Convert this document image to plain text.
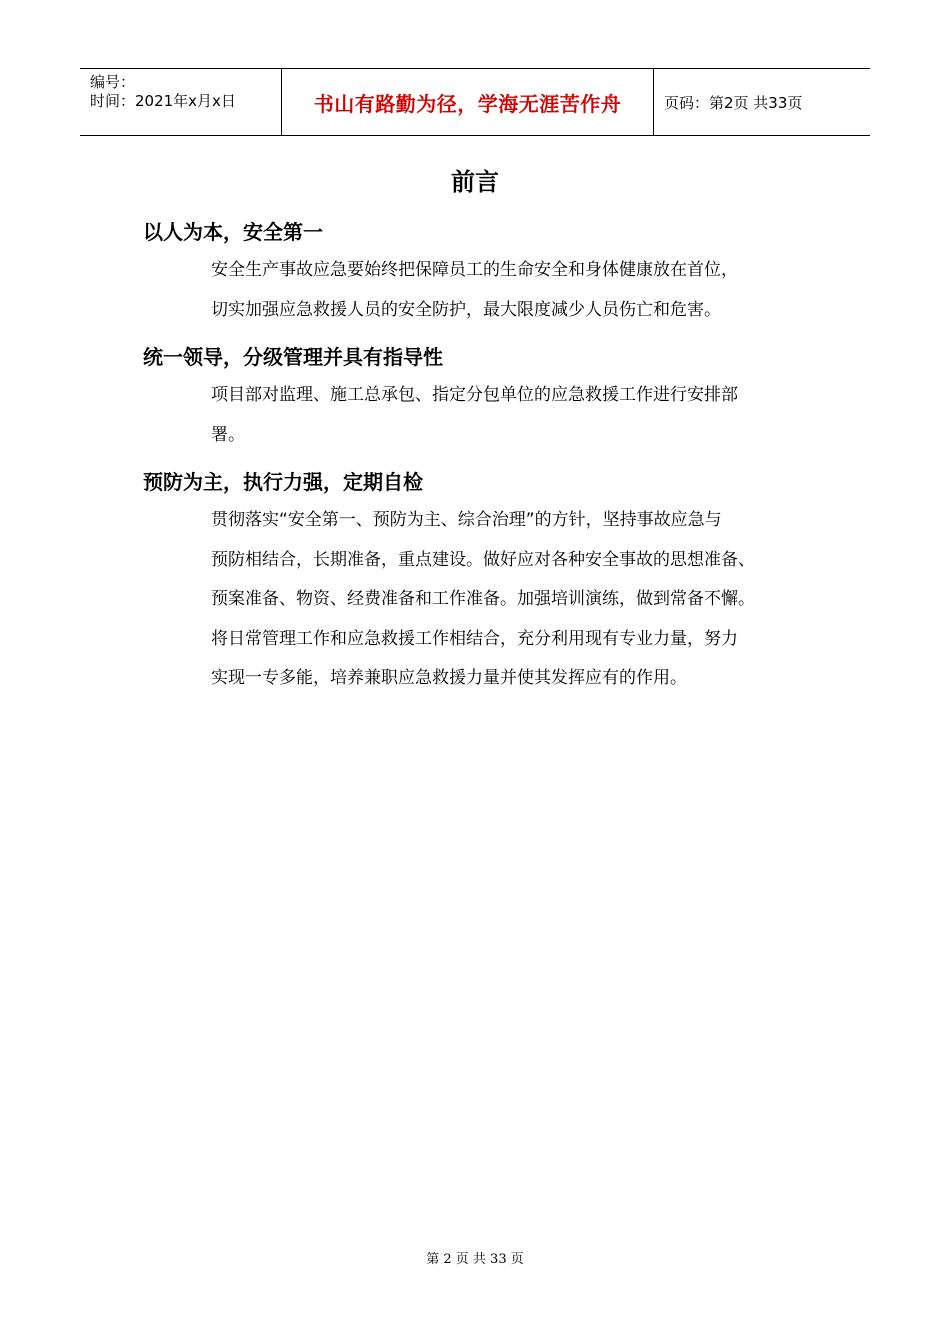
编号：
时间：2021年x月x日	书山有路勤为径，学海无涯苦作舟	页码：第2页 共33页
前言
以人为本，安全第一
安全生产事故应急要始终把保障员工的生命安全和身体健康放在首位，
切实加强应急救援人员的安全防护，最大限度减少人员伤亡和危害。
统一领导，分级管理并具有指导性
项目部对监理、施工总承包、指定分包单位的应急救援工作进行安排部
署。
预防为主，执行力强，定期自检
贯彻落实“安全第一、预防为主、综合治理”的方针，坚持事故应急与
预防相结合，长期准备，重点建设。做好应对各种安全事故的思想准备、
预案准备、物资、经费准备和工作准备。加强培训演练，做到常备不懈。
将日常管理工作和应急救援工作相结合，充分利用现有专业力量，努力
实现一专多能，培养兼职应急救援力量并使其发挥应有的作用。
第 2 页 共 33 页
